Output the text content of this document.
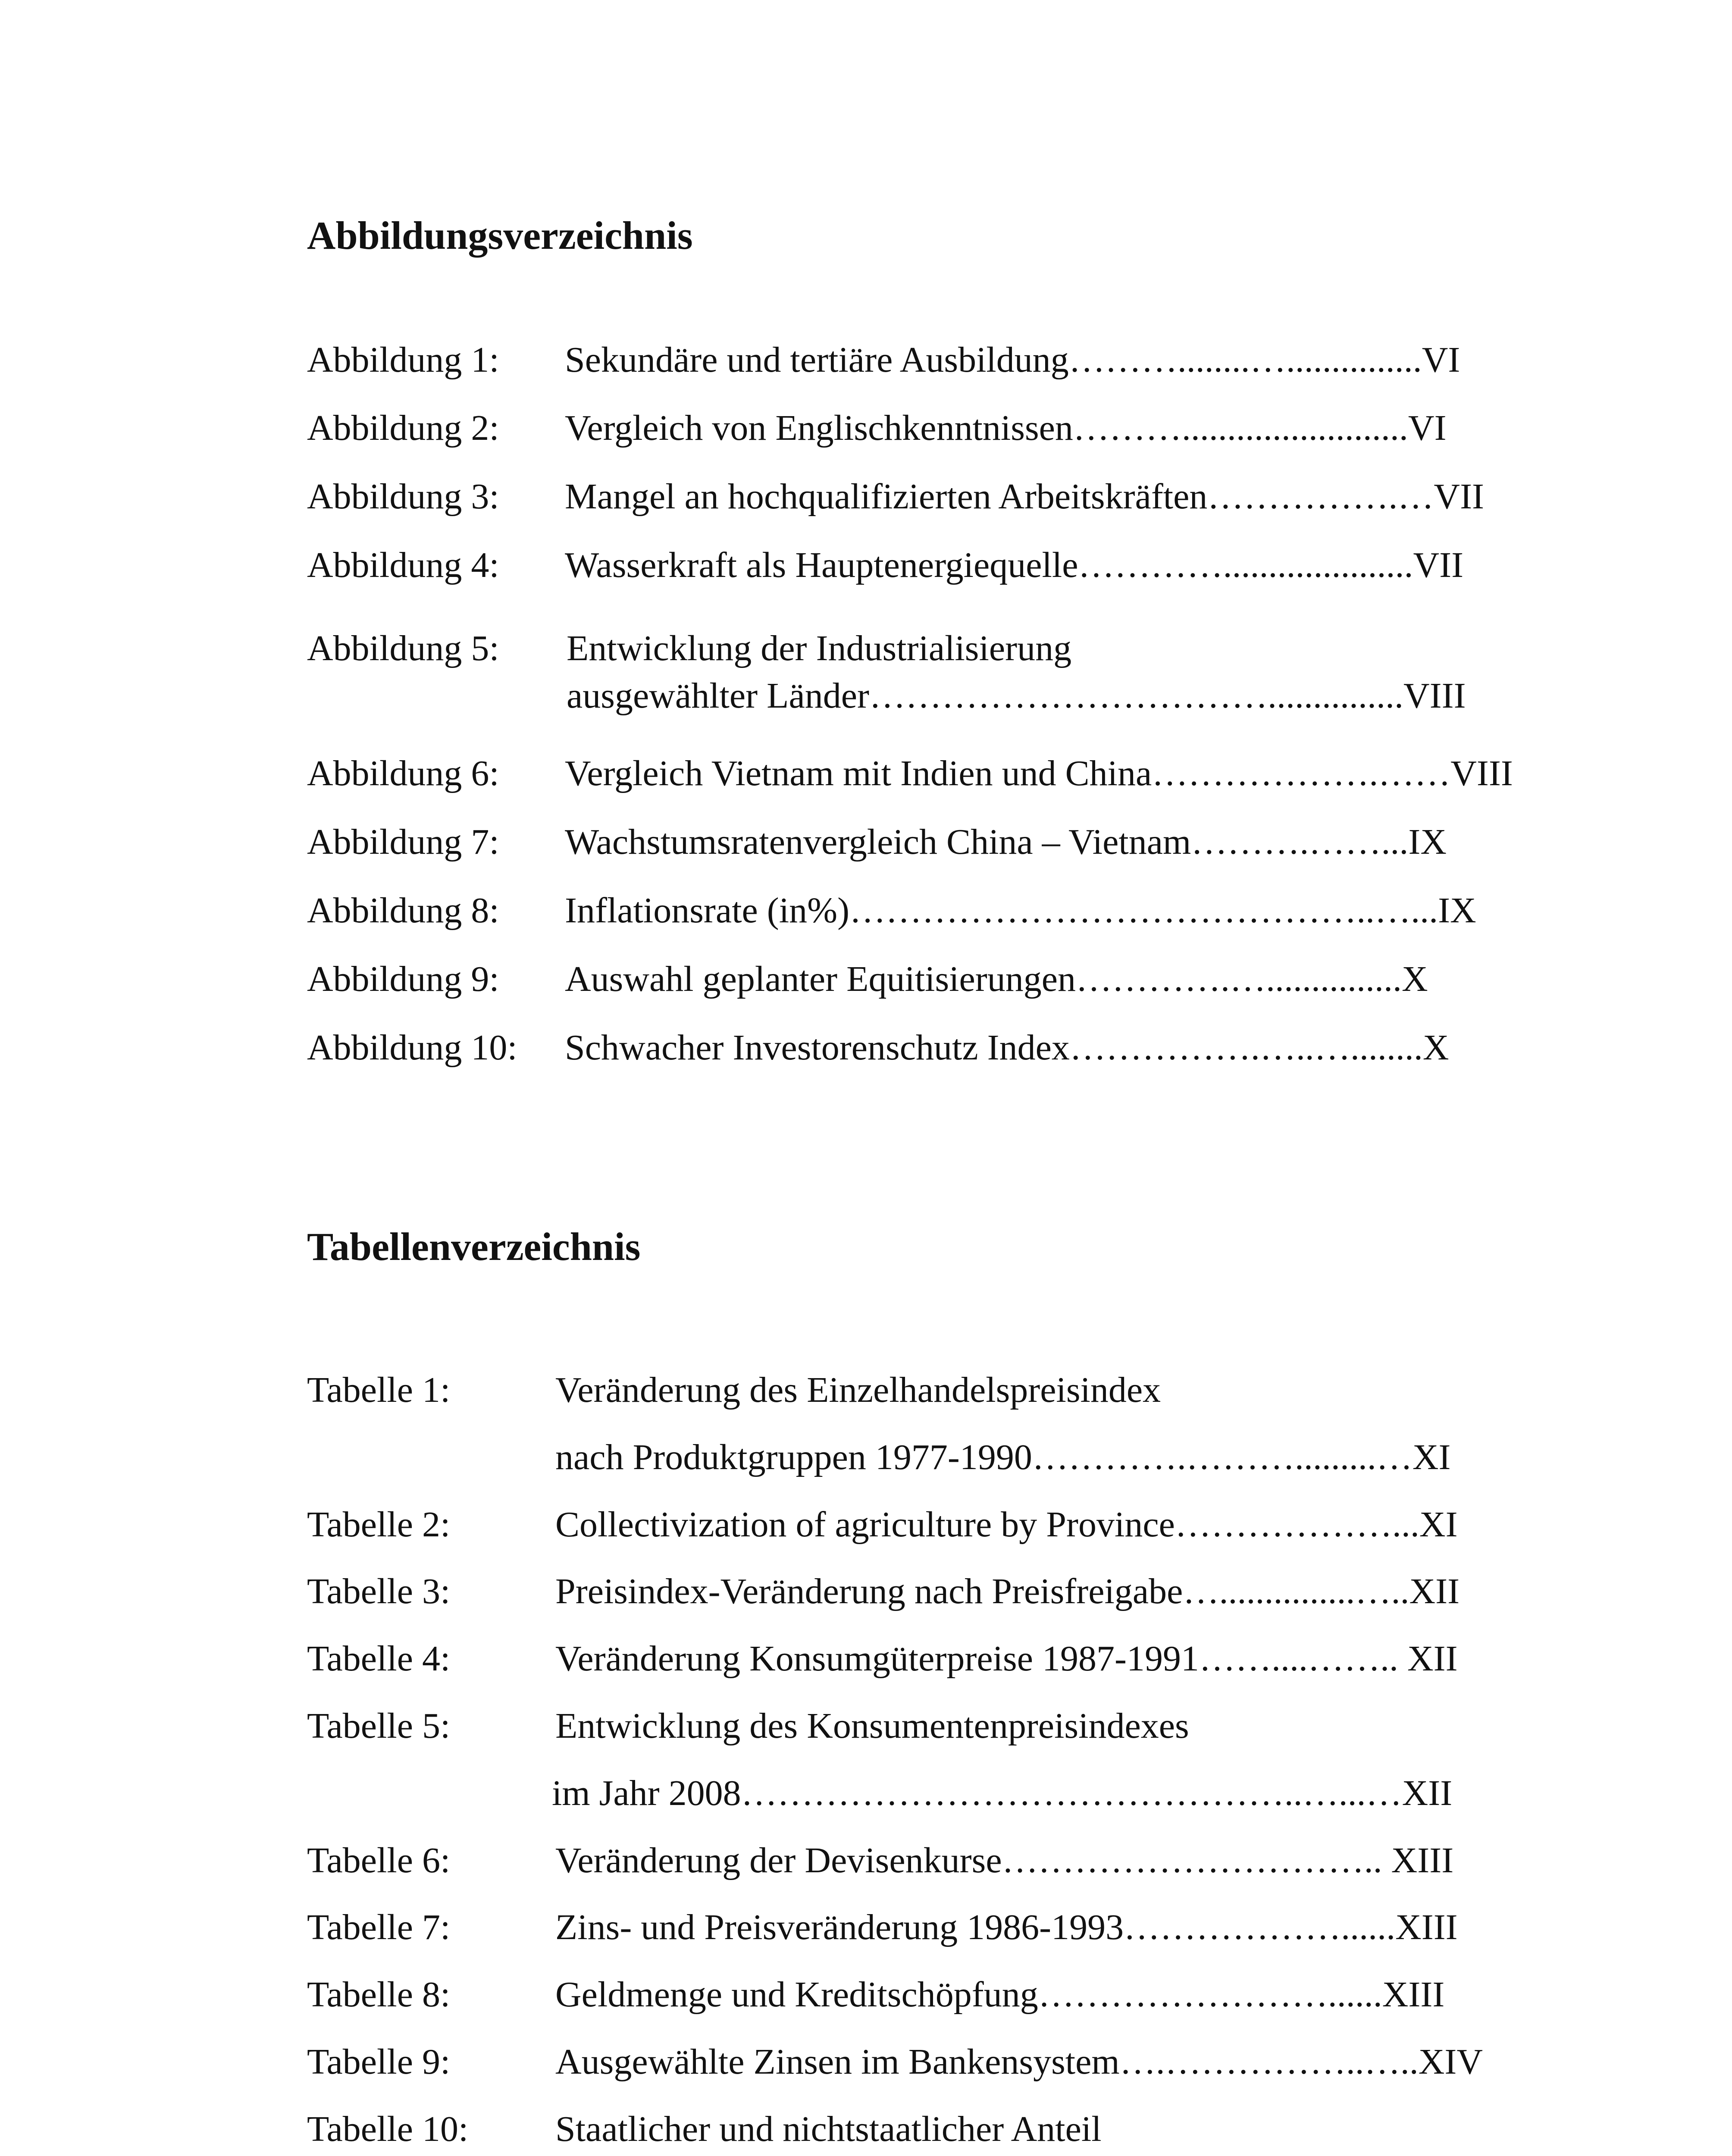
Abbildungsverzeichnis
Abbildung 1: Sekundäre und tertiäre Ausbildung………........…...............VI
Abbildung 2: Vergleich von Englischkenntnissen……….........................VI
Abbildung 3: Mangel an hochqualifizierten Arbeitskräften…………….…VII
Abbildung 4: Wasserkraft als Hauptenergiequelle………….....................VII
Abbildung 5: Entwicklung der Industrialisierung
ausgewählter Länder……………………………...............VIII
Abbildung 6: Vergleich Vietnam mit Indien und China……………….……VIII
Abbildung 7: Wachstumsratenvergleich China – Vietnam……….……...IX
Abbildung 8: Inflationsrate (in%)……………………………………..…...IX
Abbildung 9: Auswahl geplanter Equitisierungen………….…...............X
Abbildung 10: Schwacher Investorenschutz Index…………….…..…........X
Tabellenverzeichnis
Tabelle 1:	Veränderung des Einzelhandelspreisindex
nach Produktgruppen 1977-1990………….……….........…XI
Tabelle 2:	Collectivization of agriculture by Province………………...XI
Tabelle 3:	Preisindex-Veränderung nach Preisfreigabe…...............…..XII
Tabelle 4:	Veränderung Konsumgüterpreise 1987-1991……....…….. XII
Tabelle 5:	Entwicklung des Konsumentenpreisindexes
im Jahr 2008………………………………………..…...…XII
Tabelle 6:	Veränderung der Devisenkurse………………………….. XIII
Tabelle 7:	Zins- und Preisveränderung 1986-1993………………......XIII
Tabelle 8:	Geldmenge und Kreditschöpfung……………………......XIII
Tabelle 9:	Ausgewählte Zinsen im Bankensystem….……………..…..XIV
Tabelle 10: Staatlicher und nichtstaatlicher Anteil
